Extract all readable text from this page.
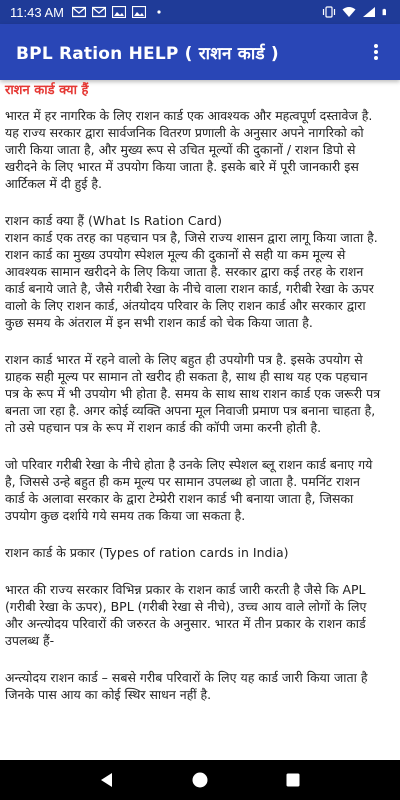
11:43 AM
BPL Ration HELP ( राशन कार्ड )
राशन कार्ड क्या हैं

भारत में हर नागरिक के लिए राशन कार्ड एक आवश्यक और महत्वपूर्ण दस्तावेज है. यह राज्य सरकार द्वारा सार्वजनिक वितरण प्रणाली के अनुसार अपने नागरिको को जारी किया जाता है, और मुख्य रूप से उचित मूल्यों की दुकानों / राशन डिपो से खरीदने के लिए भारत में उपयोग किया जाता है. इसके बारे में पूरी जानकारी इस आर्टिकल में दी हुई है.

राशन कार्ड क्या हैं (What Is Ration Card)

राशन कार्ड एक तरह का पहचान पत्र है, जिसे राज्य शासन द्वारा लागू किया जाता है. राशन कार्ड का मुख्य उपयोग स्पेशल मूल्य की दुकानों से सही या कम मूल्य से आवश्यक सामान खरीदने के लिए किया जाता है. सरकार द्वारा कई तरह के राशन कार्ड बनाये जाते है, जैसे गरीबी रेखा के नीचे वाला राशन कार्ड, गरीबी रेखा के ऊपर वालो के लिए राशन कार्ड, अंतयोदय परिवार के लिए राशन कार्ड और सरकार द्वारा कुछ समय के अंतराल में इन सभी राशन कार्ड को चेक किया जाता है.

राशन कार्ड भारत में रहने वालो के लिए बहुत ही उपयोगी पत्र है. इसके उपयोग से ग्राहक सही मूल्य पर सामान तो खरीद ही सकता है, साथ ही साथ यह एक पहचान पत्र के रूप में भी उपयोग भी होता है. समय के साथ साथ राशन कार्ड एक जरूरी पत्र बनता जा रहा है. अगर कोई व्यक्ति अपना मूल निवाजी प्रमाण पत्र बनाना चाहता है, तो उसे पहचान पत्र के रूप में राशन कार्ड की कॉपी जमा करनी होती है.

जो परिवार गरीबी रेखा के नीचे होता है उनके लिए स्पेशल ब्लू राशन कार्ड बनाए गये है, जिससे उन्हे बहुत ही कम मूल्य पर सामान उपलब्ध हो जाता है. पमनिंट राशन कार्ड के अलावा सरकार के द्वारा टेम्प्रेरी राशन कार्ड भी बनाया जाता है, जिसका उपयोग कुछ दर्शाये गये समय तक किया जा सकता है.

राशन कार्ड के प्रकार (Types of ration cards in India)

भारत की राज्य सरकार विभिन्न प्रकार के राशन कार्ड जारी करती है जैसे कि APL (गरीबी रेखा के ऊपर), BPL (गरीबी रेखा से नीचे), उच्च आय वाले लोगों के लिए और अन्त्योदय परिवारों की जरुरत के अनुसार. भारत में तीन प्रकार के राशन कार्ड उपलब्ध हैं-

अन्त्योदय राशन कार्ड – सबसे गरीब परिवारों के लिए यह कार्ड जारी किया जाता है जिनके पास आय का कोई स्थिर साधन नहीं है.
